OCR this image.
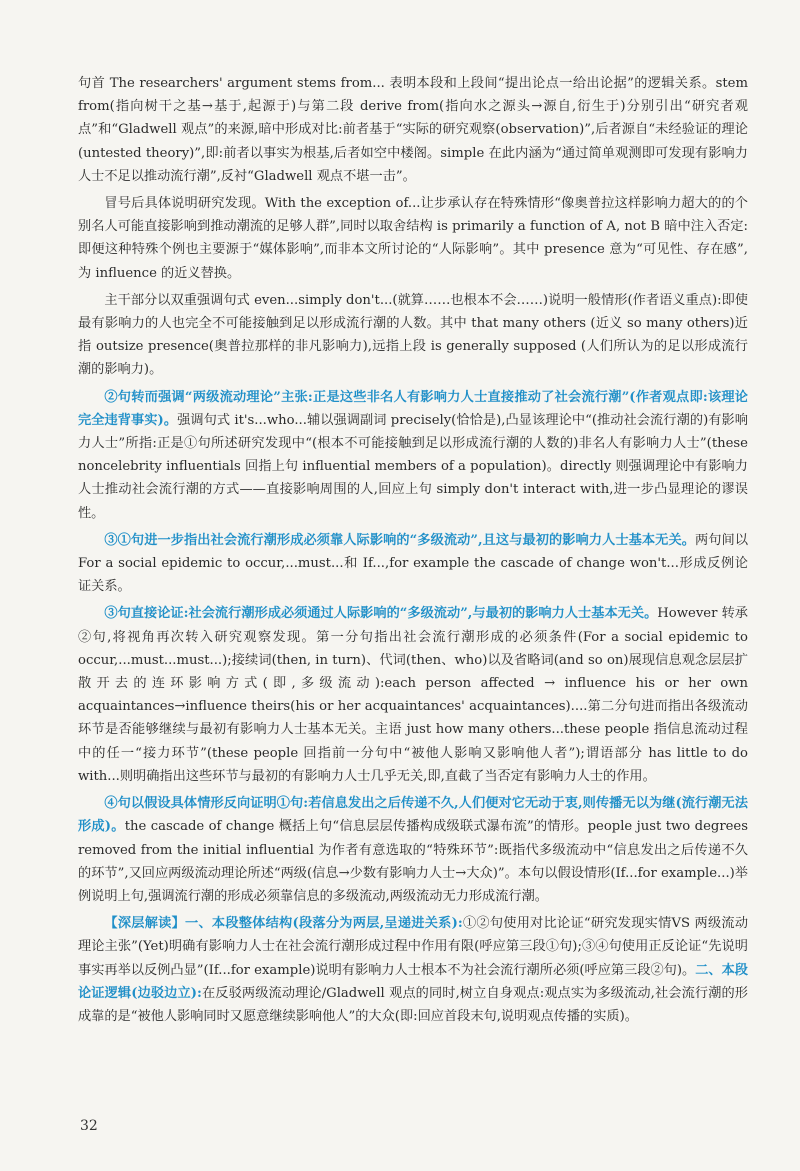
句首 The researchers' argument stems from... 表明本段和上段间“提出论点一给出论据”的逻辑关系。stem from(指向树干之基→基于,起源于)与第二段 derive from(指向水之源头→源自,衍生于)分别引出“研究者观点”和“Gladwell 观点”的来源,暗中形成对比:前者基于“实际的研究观察(observation)”,后者源自“未经验证的理论(untested theory)”,即:前者以事实为根基,后者如空中楼阁。simple 在此内涵为“通过简单观测即可发现有影响力人士不足以推动流行潮”,反衬“Gladwell 观点不堪一击”。

冒号后具体说明研究发现。With the exception of...让步承认存在特殊情形“像奥普拉这样影响力超大的的个别名人可能直接影响到推动潮流的足够人群”,同时以取舍结构 is primarily a function of A, not B 暗中注入否定:即便这种特殊个例也主要源于“媒体影响”,而非本文所讨论的“人际影响”。其中 presence 意为“可见性、存在感”,为 influence 的近义替换。

主干部分以双重强调句式 even...simply don't...(就算……也根本不会……)说明一般情形(作者语义重点):即使最有影响力的人也完全不可能接触到足以形成流行潮的人数。其中 that many others (近义 so many others)近指 outsize presence(奥普拉那样的非凡影响力),远指上段 is generally supposed (人们所认为的足以形成流行潮的影响力)。

②句转而强调“两级流动理论”主张:正是这些非名人有影响力人士直接推动了社会流行潮”(作者观点即:该理论完全违背事实)。强调句式 it's...who...辅以强调副词 precisely(恰恰是),凸显该理论中“(推动社会流行潮的)有影响力人士”所指:正是①句所述研究发现中“(根本不可能接触到足以形成流行潮的人数的)非名人有影响力人士”(these noncelebrity influentials 回指上句 influential members of a population)。directly 则强调理论中有影响力人士推动社会流行潮的方式——直接影响周围的人,回应上句 simply don't interact with,进一步凸显理论的谬误性。

③①句进一步指出社会流行潮形成必须靠人际影响的“多级流动”,且这与最初的影响力人士基本无关。两句间以 For a social epidemic to occur,...must...和 If...,for example the cascade of change won't...形成反例论证关系。

③句直接论证:社会流行潮形成必须通过人际影响的“多级流动”,与最初的影响力人士基本无关。However 转承②句,将视角再次转入研究观察发现。第一分句指出社会流行潮形成的必须条件(For a social epidemic to occur,...must...must...);接续词(then, in turn)、代词(then、who)以及省略词(and so on)展现信息观念层层扩散开去的连环影响方式(即,多级流动):each person affected → influence his or her own acquaintances→influence theirs(his or her acquaintances' acquaintances)....第二分句进而指出各级流动环节是否能够继续与最初有影响力人士基本无关。主语 just how many others...these people 指信息流动过程中的任一“接力环节”(these people 回指前一分句中“被他人影响又影响他人者”);谓语部分 has little to do with...则明确指出这些环节与最初的有影响力人士几乎无关,即,直截了当否定有影响力人士的作用。

④句以假设具体情形反向证明①句:若信息发出之后传递不久,人们便对它无动于衷,则传播无以为继(流行潮无法形成)。the cascade of change 概括上句“信息层层传播构成级联式瀑布流”的情形。people just two degrees removed from the initial influential 为作者有意选取的“特殊环节”:既指代多级流动中“信息发出之后传递不久的环节”,又回应两级流动理论所述“两级(信息→少数有影响力人士→大众)”。本句以假设情形(If...for example...)举例说明上句,强调流行潮的形成必须靠信息的多级流动,两级流动无力形成流行潮。

【深层解读】一、本段整体结构(段落分为两层,呈递进关系):①②句使用对比论证“研究发现实情VS 两级流动理论主张”(Yet)明确有影响力人士在社会流行潮形成过程中作用有限(呼应第三段①句);③④句使用正反论证“先说明事实再举以反例凸显”(If...for example)说明有影响力人士根本不为社会流行潮所必须(呼应第三段②句)。二、本段论证逻辑(边驳边立):在反驳两级流动理论/Gladwell 观点的同时,树立自身观点:观点实为多级流动,社会流行潮的形成靠的是“被他人影响同时又愿意继续影响他人”的大众(即:回应首段末句,说明观点传播的实质)。

32
